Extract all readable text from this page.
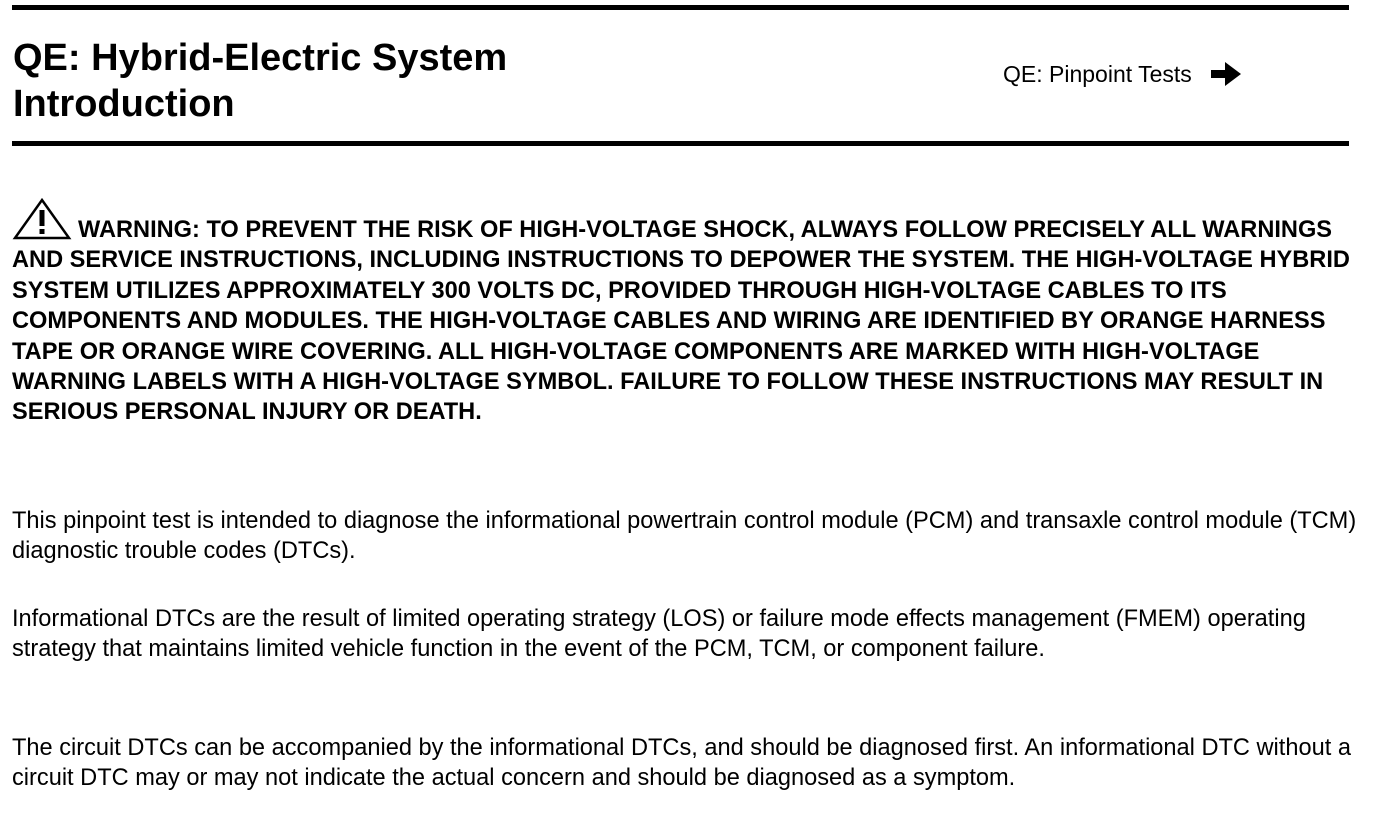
QE: Hybrid-Electric System
Introduction
QE: Pinpoint Tests

WARNING: TO PREVENT THE RISK OF HIGH-VOLTAGE SHOCK, ALWAYS FOLLOW PRECISELY ALL WARNINGS AND SERVICE INSTRUCTIONS, INCLUDING INSTRUCTIONS TO DEPOWER THE SYSTEM. THE HIGH-VOLTAGE HYBRID SYSTEM UTILIZES APPROXIMATELY 300 VOLTS DC, PROVIDED THROUGH HIGH-VOLTAGE CABLES TO ITS COMPONENTS AND MODULES. THE HIGH-VOLTAGE CABLES AND WIRING ARE IDENTIFIED BY ORANGE HARNESS TAPE OR ORANGE WIRE COVERING. ALL HIGH-VOLTAGE COMPONENTS ARE MARKED WITH HIGH-VOLTAGE WARNING LABELS WITH A HIGH-VOLTAGE SYMBOL. FAILURE TO FOLLOW THESE INSTRUCTIONS MAY RESULT IN SERIOUS PERSONAL INJURY OR DEATH.

This pinpoint test is intended to diagnose the informational powertrain control module (PCM) and transaxle control module (TCM) diagnostic trouble codes (DTCs).

Informational DTCs are the result of limited operating strategy (LOS) or failure mode effects management (FMEM) operating strategy that maintains limited vehicle function in the event of the PCM, TCM, or component failure.

The circuit DTCs can be accompanied by the informational DTCs, and should be diagnosed first. An informational DTC without a circuit DTC may or may not indicate the actual concern and should be diagnosed as a symptom.
